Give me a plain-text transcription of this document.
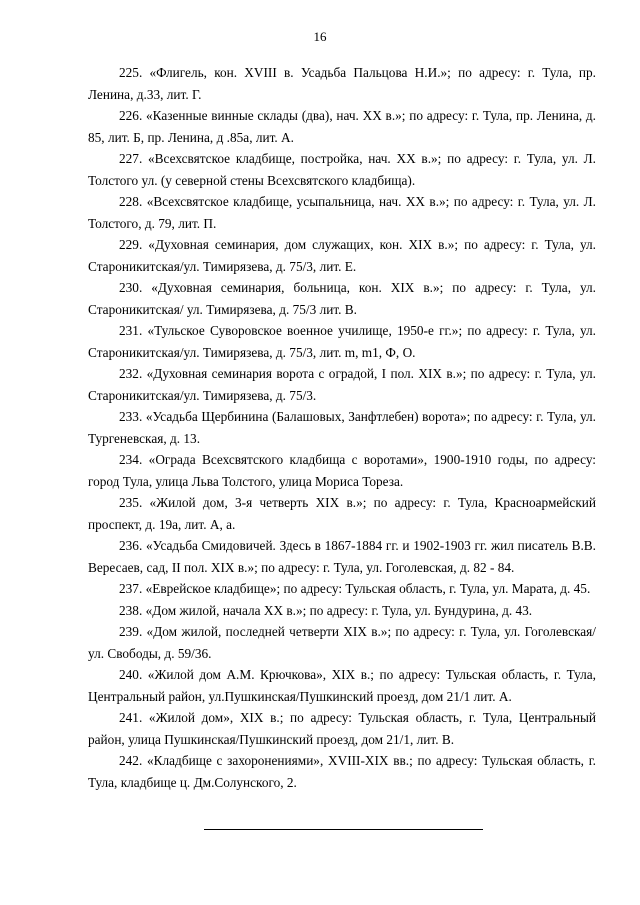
16

225. «Флигель, кон. XVIII в. Усадьба Пальцова Н.И.»; по адресу: г. Тула, пр. Ленина, д.33, лит. Г.

226. «Казенные винные склады (два), нач. XX в.»; по адресу: г. Тула, пр. Ленина, д. 85, лит. Б, пр. Ленина, д .85а, лит. А.

227. «Всехсвятское кладбище, постройка, нач. XX в.»; по адресу: г. Тула, ул. Л. Толстого ул. (у северной стены Всехсвятского кладбища).

228. «Всехсвятское кладбище, усыпальница, нач. XX в.»; по адресу: г. Тула, ул. Л. Толстого, д. 79, лит. П.

229. «Духовная семинария, дом служащих, кон. XIX в.»; по адресу: г. Тула, ул. Староникитская/ул. Тимирязева, д. 75/3, лит. Е.

230. «Духовная семинария, больница, кон. XIX в.»; по адресу: г. Тула, ул. Староникитская/ ул. Тимирязева, д. 75/3 лит. В.

231. «Тульское Суворовское военное училище, 1950-е гг.»; по адресу: г. Тула, ул. Староникитская/ул. Тимирязева, д. 75/3, лит. m, m1, Ф, О.

232. «Духовная семинария ворота с оградой, I пол. XIX в.»; по адресу: г. Тула, ул. Староникитская/ул. Тимирязева, д. 75/3.

233. «Усадьба Щербинина (Балашовых, Занфтлебен) ворота»; по адресу: г. Тула, ул. Тургеневская, д. 13.

234. «Ограда Всехсвятского кладбища с воротами», 1900-1910 годы, по адресу: город Тула, улица Льва Толстого, улица Мориса Тореза.

235. «Жилой дом, 3-я четверть XIX в.»; по адресу: г. Тула, Красноармейский проспект, д. 19а, лит. А, а.

236. «Усадьба Смидовичей. Здесь в 1867-1884 гг. и 1902-1903 гг. жил писатель В.В. Вересаев, сад, II пол. XIX в.»; по адресу: г. Тула, ул. Гоголевская, д. 82 - 84.

237. «Еврейское кладбище»; по адресу: Тульская область, г. Тула, ул. Марата, д. 45.

238. «Дом жилой, начала XX в.»; по адресу: г. Тула, ул. Бундурина, д. 43.

239. «Дом жилой, последней четверти XIX в.»; по адресу: г. Тула, ул. Гоголевская/ ул. Свободы, д. 59/36.

240. «Жилой дом А.М. Крючкова», XIX в.; по адресу: Тульская область, г. Тула, Центральный район, ул.Пушкинская/Пушкинский проезд, дом 21/1 лит. А.

241. «Жилой дом», XIX в.; по адресу: Тульская область, г. Тула, Центральный район, улица Пушкинская/Пушкинский проезд, дом 21/1, лит. В.

242. «Кладбище с захоронениями», XVIII-XIX вв.; по адресу: Тульская область, г. Тула, кладбище ц. Дм.Солунского, 2.
